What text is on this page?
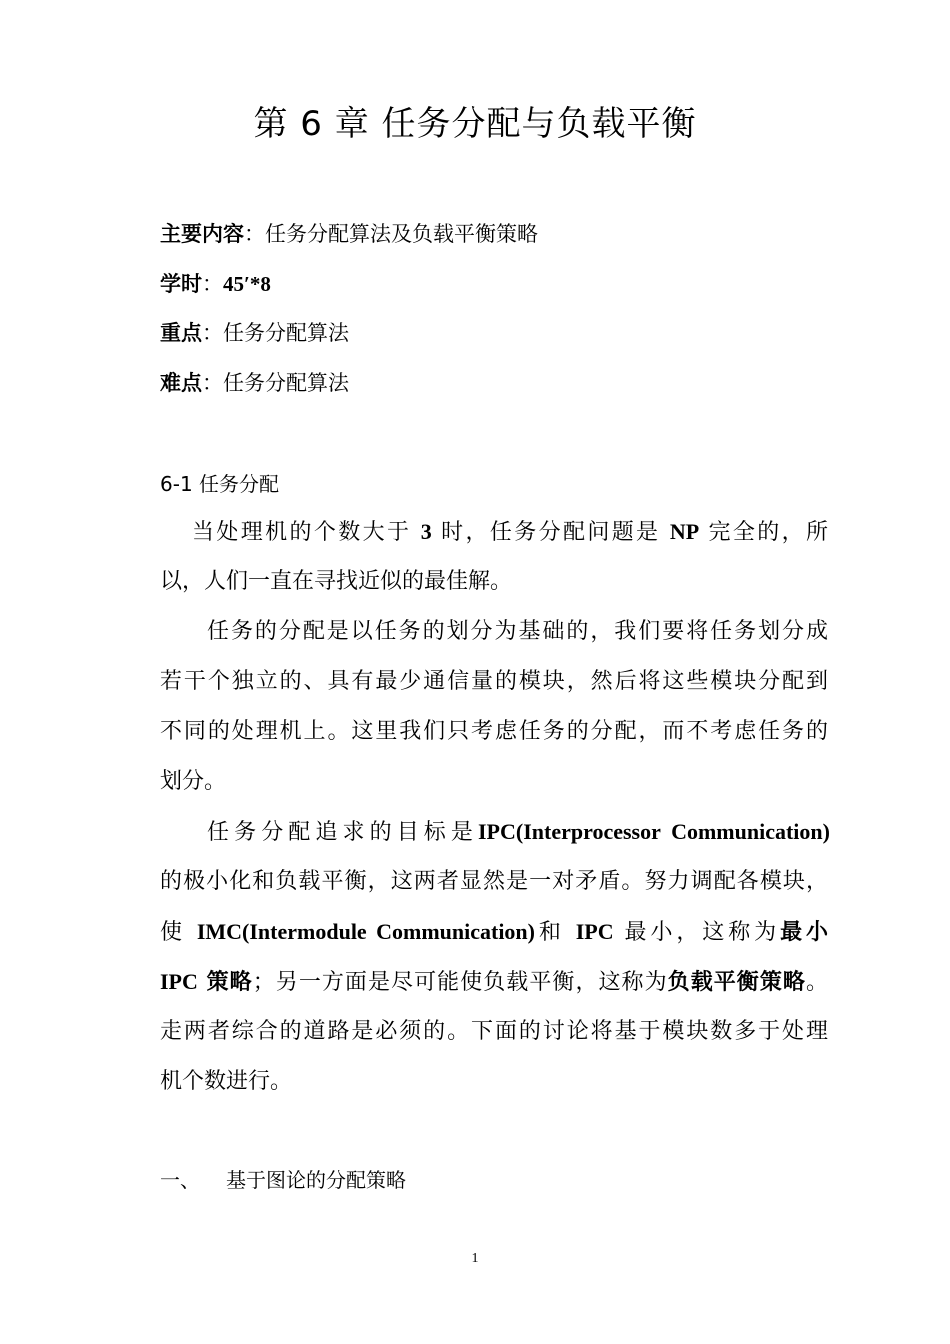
第 6 章 任务分配与负载平衡
主要内容：任务分配算法及负载平衡策略
学时：45′*8
重点：任务分配算法
难点：任务分配算法
6-1 任务分配
当处理机的个数大于 3 时，任务分配问题是 NP 完全的，所
以，人们一直在寻找近似的最佳解。
任务的分配是以任务的划分为基础的，我们要将任务划分成
若干个独立的、具有最少通信量的模块，然后将这些模块分配到
不同的处理机上。这里我们只考虑任务的分配，而不考虑任务的
划分。
任务分配追求的目标是IPC(Interprocessor Communication)
的极小化和负载平衡，这两者显然是一对矛盾。努力调配各模块，
使 IMC(Intermodule Communication)和 IPC 最小，这称为最小
IPC 策略；另一方面是尽可能使负载平衡，这称为负载平衡策略。
走两者综合的道路是必须的。下面的讨论将基于模块数多于处理
机个数进行。
一、 基于图论的分配策略
1
